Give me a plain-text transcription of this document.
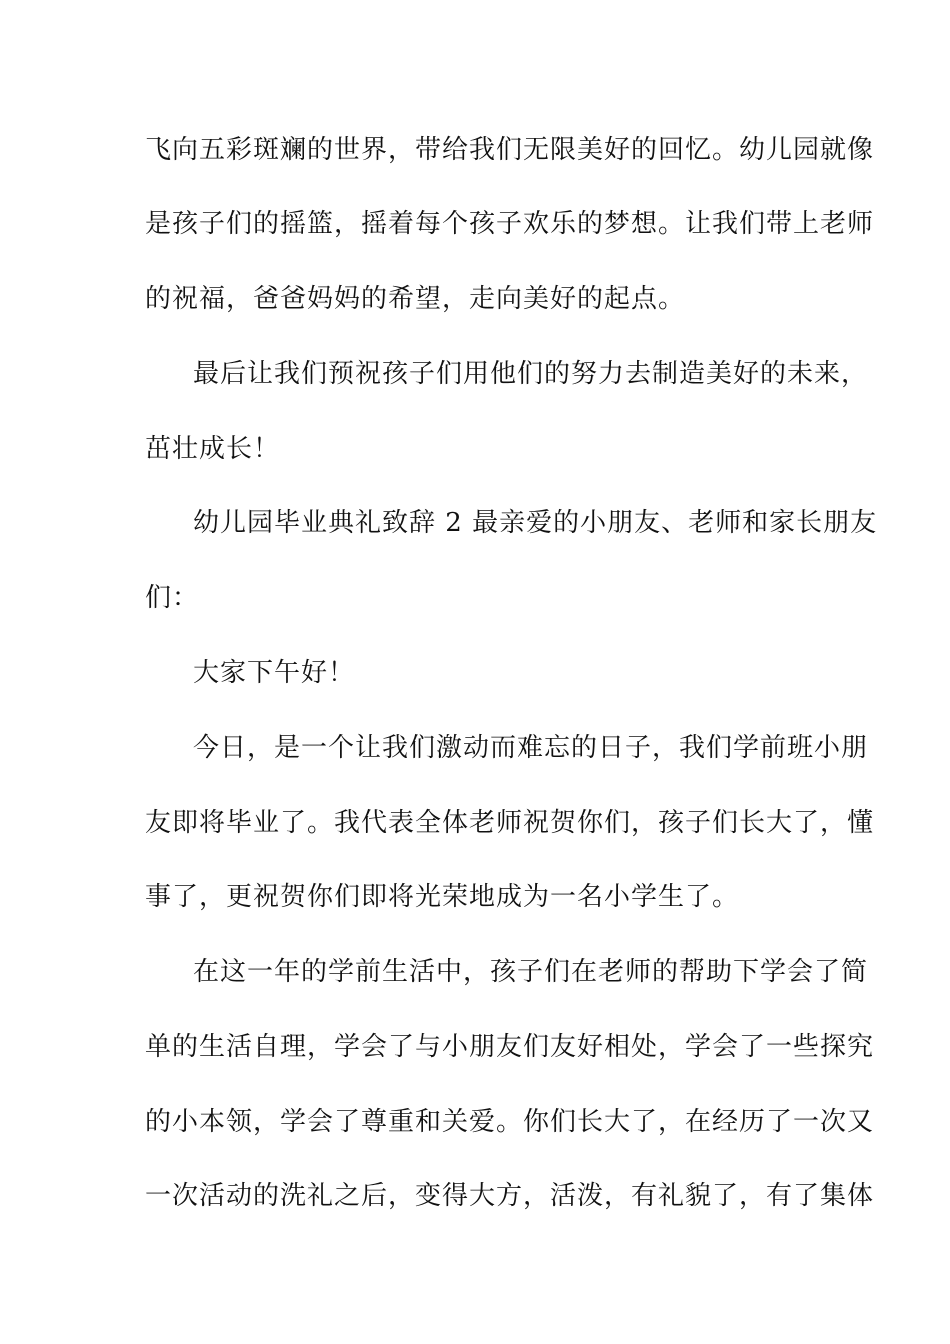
飞向五彩斑斓的世界，带给我们无限美好的回忆。幼儿园就像
是孩子们的摇篮，摇着每个孩子欢乐的梦想。让我们带上老师
的祝福，爸爸妈妈的希望，走向美好的起点。
最后让我们预祝孩子们用他们的努力去制造美好的未来，
茁壮成长！
幼儿园毕业典礼致辞 2 最亲爱的小朋友、老师和家长朋友
们：
大家下午好！
今日，是一个让我们激动而难忘的日子，我们学前班小朋
友即将毕业了。我代表全体老师祝贺你们，孩子们长大了，懂
事了，更祝贺你们即将光荣地成为一名小学生了。
在这一年的学前生活中，孩子们在老师的帮助下学会了简
单的生活自理，学会了与小朋友们友好相处，学会了一些探究
的小本领，学会了尊重和关爱。你们长大了，在经历了一次又
一次活动的洗礼之后，变得大方，活泼，有礼貌了，有了集体
